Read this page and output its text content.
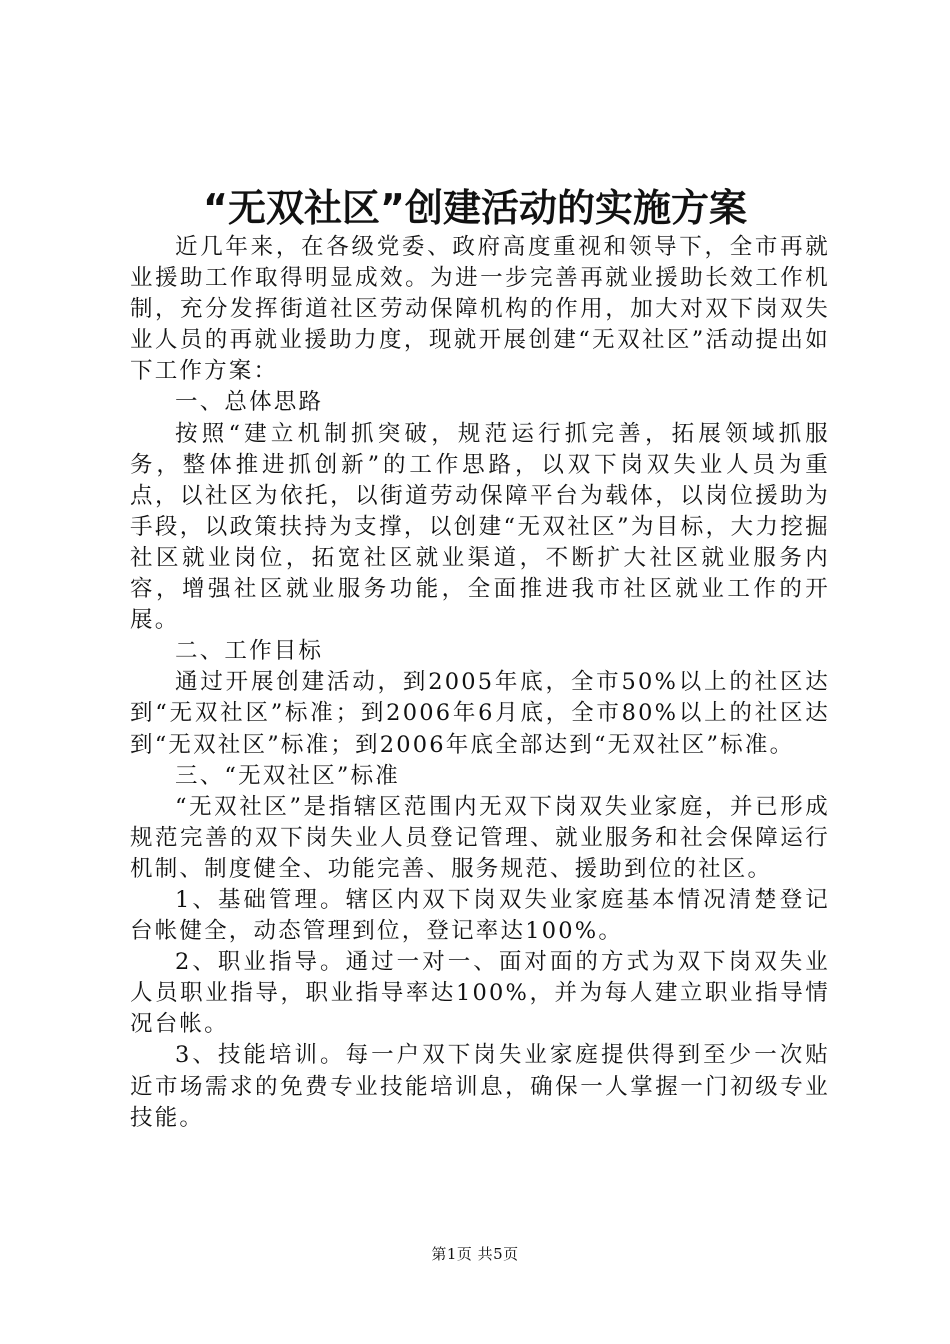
“无双社区”创建活动的实施方案

近几年来，在各级党委、政府高度重视和领导下，全市再就业援助工作取得明显成效。为进一步完善再就业援助长效工作机制，充分发挥街道社区劳动保障机构的作用，加大对双下岗双失业人员的再就业援助力度，现就开展创建“无双社区”活动提出如下工作方案：

一、总体思路

按照“建立机制抓突破，规范运行抓完善，拓展领域抓服务，整体推进抓创新”的工作思路，以双下岗双失业人员为重点，以社区为依托，以街道劳动保障平台为载体，以岗位援助为手段，以政策扶持为支撑，以创建“无双社区”为目标，大力挖掘社区就业岗位，拓宽社区就业渠道，不断扩大社区就业服务内容，增强社区就业服务功能，全面推进我市社区就业工作的开展。

二、工作目标

通过开展创建活动，到2005年底，全市50%以上的社区达到“无双社区”标准；到2006年6月底，全市80%以上的社区达到“无双社区”标准；到2006年底全部达到“无双社区”标准。

三、“无双社区”标准

“无双社区”是指辖区范围内无双下岗双失业家庭，并已形成规范完善的双下岗失业人员登记管理、就业服务和社会保障运行机制、制度健全、功能完善、服务规范、援助到位的社区。

1、基础管理。辖区内双下岗双失业家庭基本情况清楚登记台帐健全，动态管理到位，登记率达100%。

2、职业指导。通过一对一、面对面的方式为双下岗双失业人员职业指导，职业指导率达100%，并为每人建立职业指导情况台帐。

3、技能培训。每一户双下岗失业家庭提供得到至少一次贴近市场需求的免费专业技能培训息，确保一人掌握一门初级专业技能。

第1页 共5页
